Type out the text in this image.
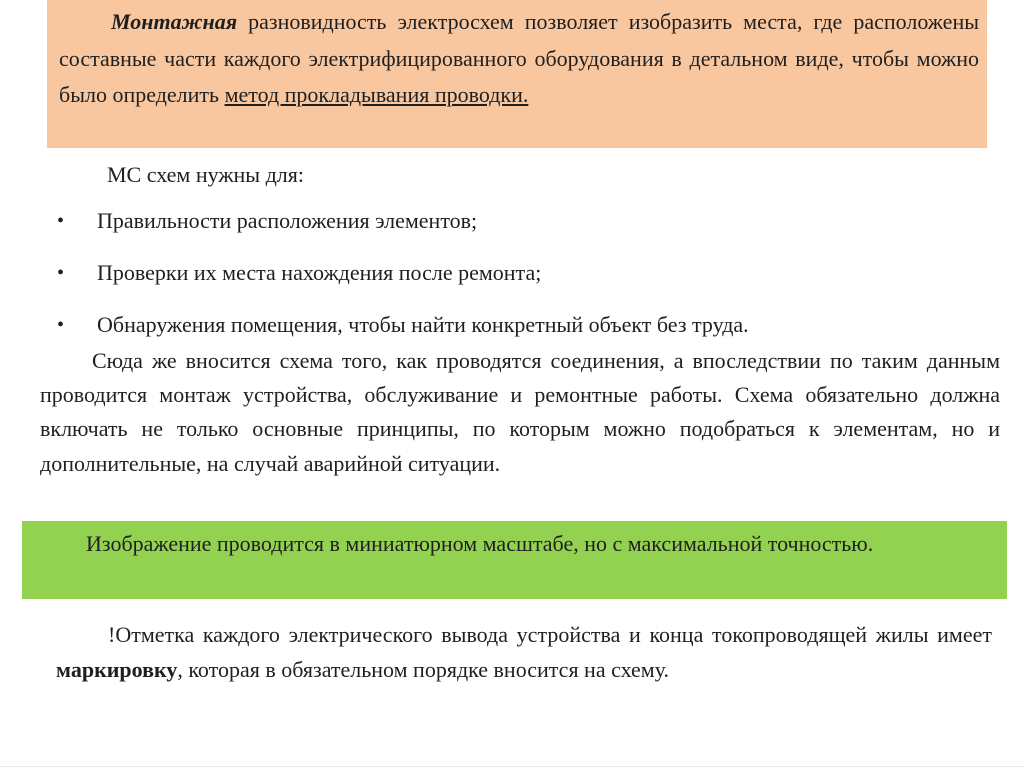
Монтажная разновидность электросхем позволяет изобразить места, где расположены составные части каждого электрифицированного оборудования в детальном виде, чтобы можно было определить метод прокладывания проводки.

МС схем нужны для:
• Правильности расположения элементов;
• Проверки их места нахождения после ремонта;
• Обнаружения помещения, чтобы найти конкретный объект без труда.
Сюда же вносится схема того, как проводятся соединения, а впоследствии по таким данным проводится монтаж устройства, обслуживание и ремонтные работы. Схема обязательно должна включать не только основные принципы, по которым можно подобраться к элементам, но и дополнительные, на случай аварийной ситуации.

Изображение проводится в миниатюрном масштабе, но с максимальной точностью.

!Отметка каждого электрического вывода устройства и конца токопроводящей жилы имеет маркировку, которая в обязательном порядке вносится на схему.
